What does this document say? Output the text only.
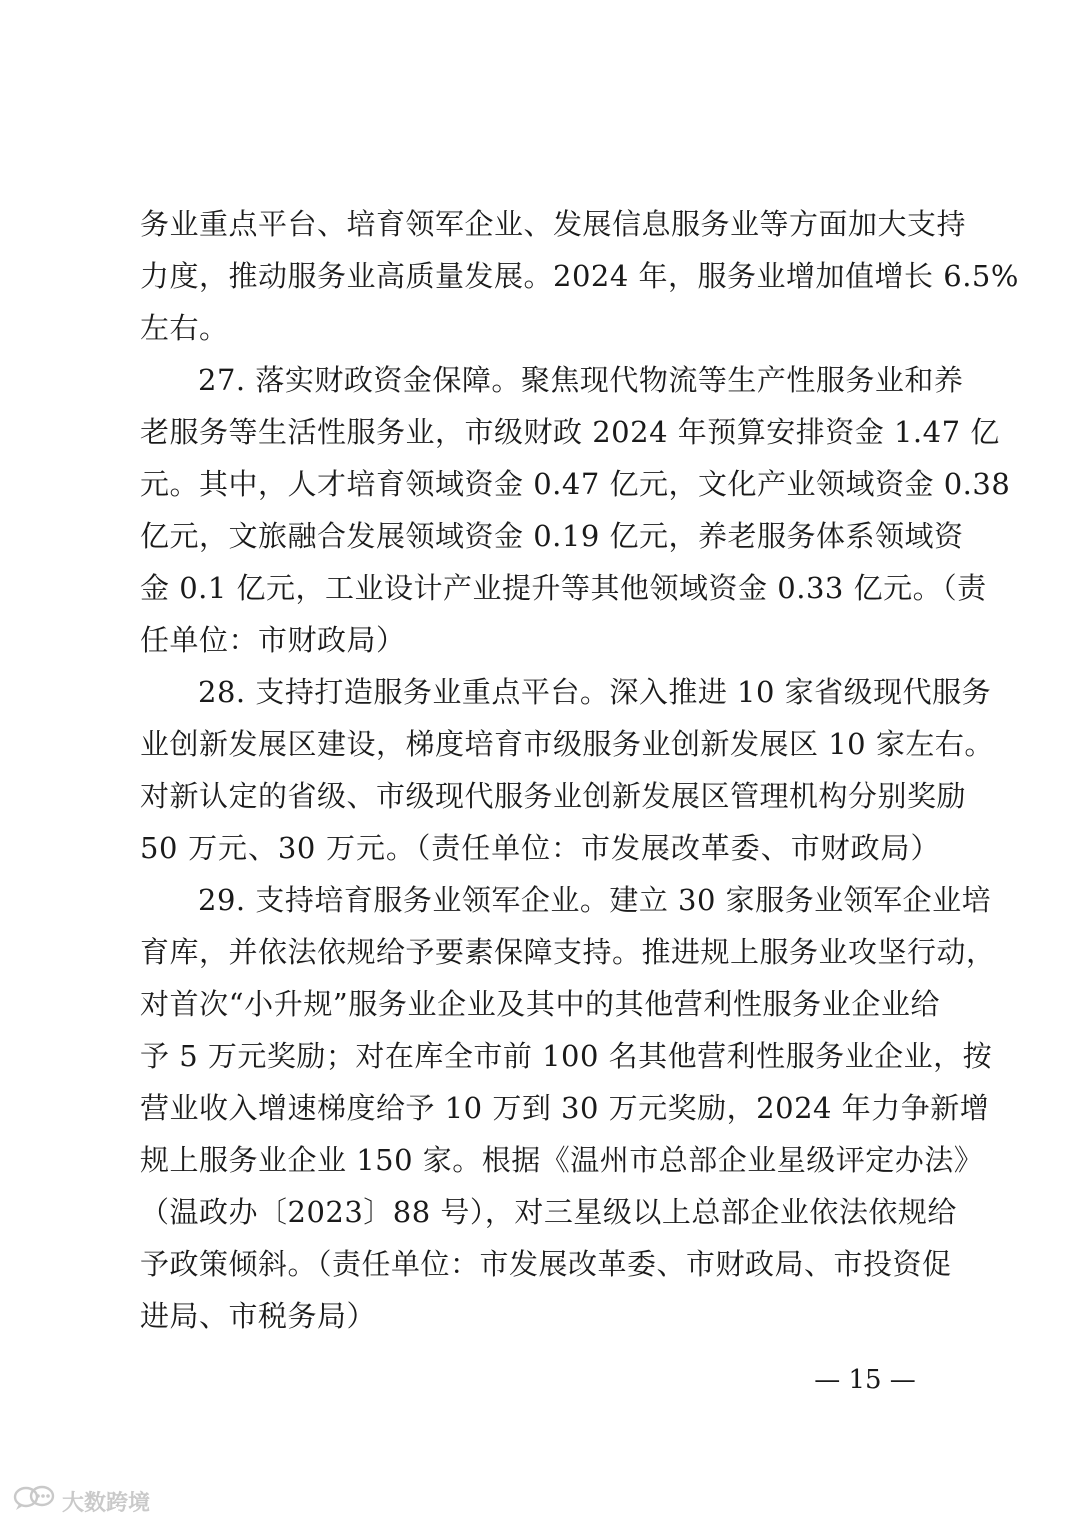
务业重点平台、培育领军企业、发展信息服务业等方面加大支持
力度，推动服务业高质量发展。2024 年，服务业增加值增长 6.5%
左右。
27. 落实财政资金保障。聚焦现代物流等生产性服务业和养
老服务等生活性服务业，市级财政 2024 年预算安排资金 1.47 亿
元。其中，人才培育领域资金 0.47 亿元，文化产业领域资金 0.38
亿元，文旅融合发展领域资金 0.19 亿元，养老服务体系领域资
金 0.1 亿元，工业设计产业提升等其他领域资金 0.33 亿元。（责
任单位：市财政局）
28. 支持打造服务业重点平台。深入推进 10 家省级现代服务
业创新发展区建设，梯度培育市级服务业创新发展区 10 家左右。
对新认定的省级、市级现代服务业创新发展区管理机构分别奖励
50 万元、30 万元。（责任单位：市发展改革委、市财政局）
29. 支持培育服务业领军企业。建立 30 家服务业领军企业培
育库，并依法依规给予要素保障支持。推进规上服务业攻坚行动，
对首次“小升规”服务业企业及其中的其他营利性服务业企业给
予 5 万元奖励；对在库全市前 100 名其他营利性服务业企业，按
营业收入增速梯度给予 10 万到 30 万元奖励，2024 年力争新增
规上服务业企业 150 家。根据《温州市总部企业星级评定办法》
（温政办〔2023〕88 号），对三星级以上总部企业依法依规给
予政策倾斜。（责任单位：市发展改革委、市财政局、市投资促
进局、市税务局）
— 15 —
大数跨境
